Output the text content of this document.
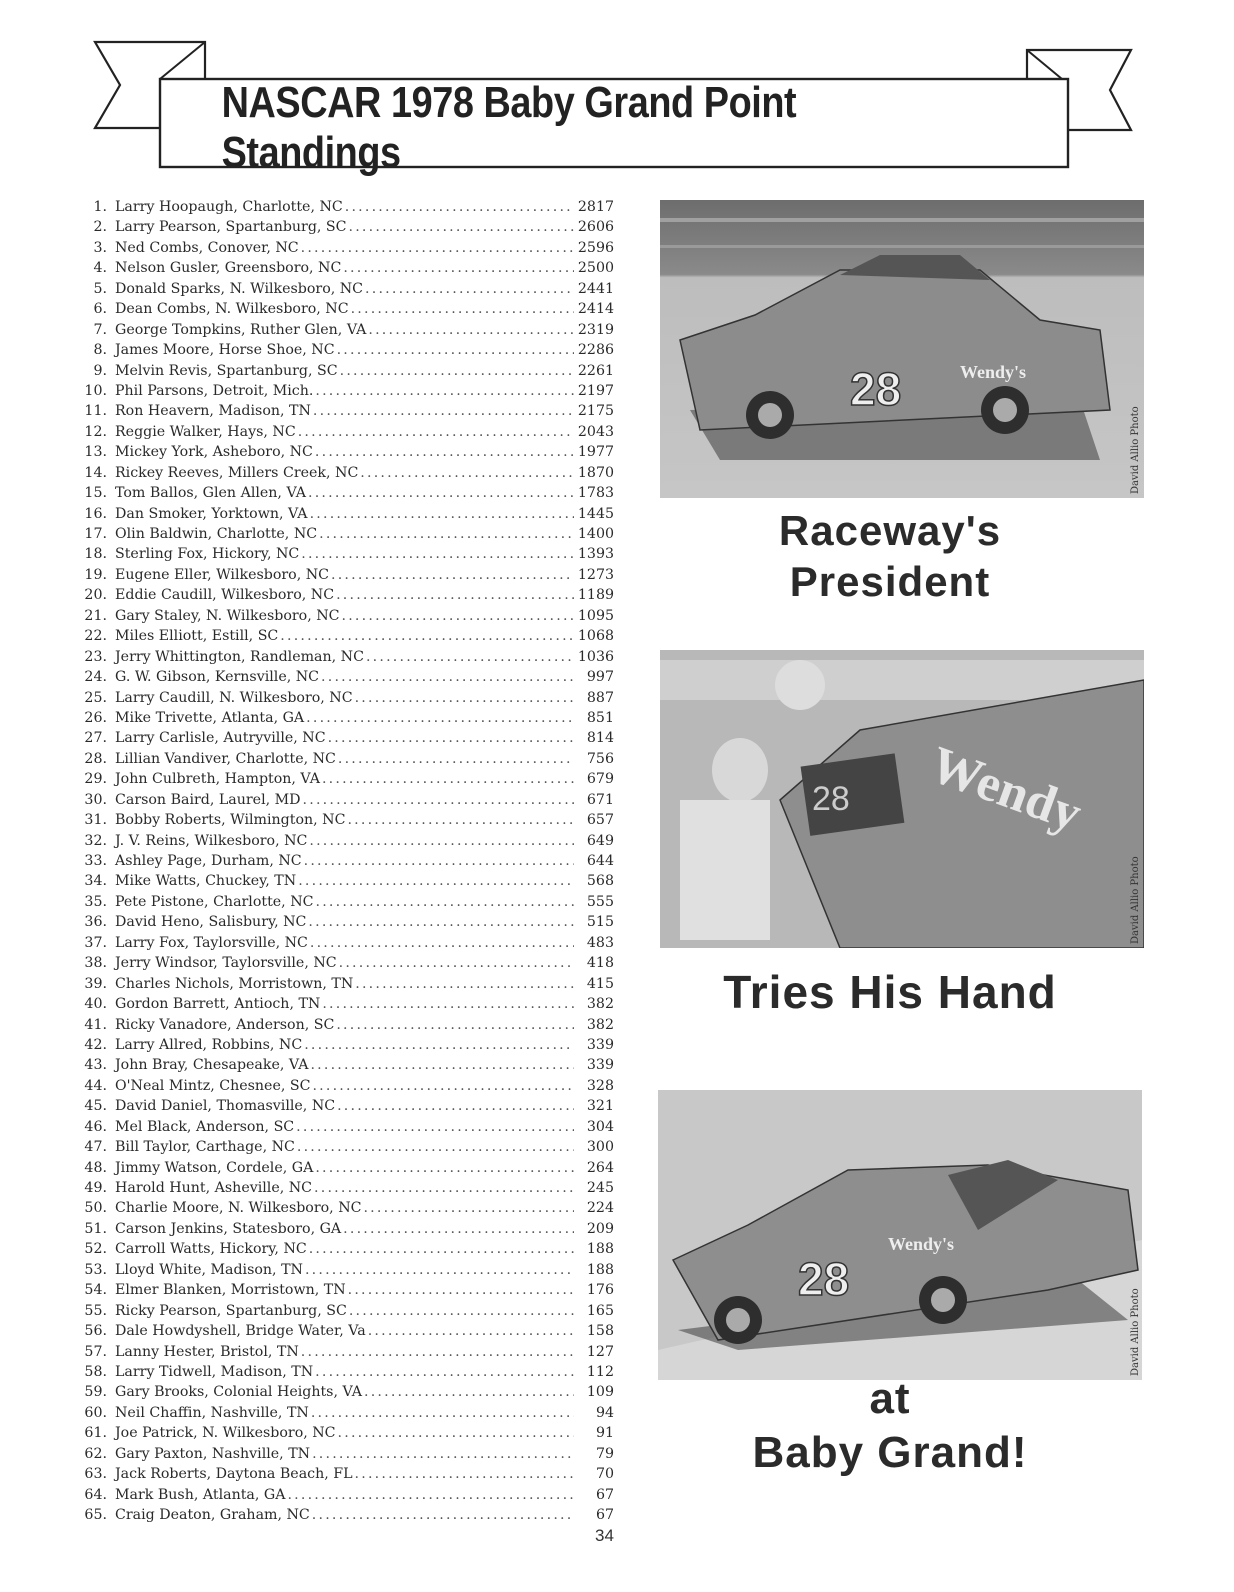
NASCAR 1978 Baby Grand Point Standings
1. Larry Hoopaugh, Charlotte, NC .....	2817
2. Larry Pearson, Spartanburg, SC .....	2606
3. Ned Combs, Conover, NC .....	2596
4. Nelson Gusler, Greensboro, NC .....	2500
5. Donald Sparks, N. Wilkesboro, NC .....	2441
6. Dean Combs, N. Wilkesboro, NC .....	2414
7. George Tompkins, Ruther Glen, VA .....	2319
8. James Moore, Horse Shoe, NC .....	2286
9. Melvin Revis, Spartanburg, SC .....	2261
10. Phil Parsons, Detroit, Mich. .....	2197
11. Ron Heavern, Madison, TN .....	2175
12. Reggie Walker, Hays, NC .....	2043
13. Mickey York, Asheboro, NC .....	1977
14. Rickey Reeves, Millers Creek, NC .....	1870
15. Tom Ballos, Glen Allen, VA .....	1783
16. Dan Smoker, Yorktown, VA .....	1445
17. Olin Baldwin, Charlotte, NC .....	1400
18. Sterling Fox, Hickory, NC .....	1393
19. Eugene Eller, Wilkesboro, NC .....	1273
20. Eddie Caudill, Wilkesboro, NC .....	1189
21. Gary Staley, N. Wilkesboro, NC .....	1095
22. Miles Elliott, Estill, SC .....	1068
23. Jerry Whittington, Randleman, NC .....	1036
24. G. W. Gibson, Kernsville, NC .....	997
25. Larry Caudill, N. Wilkesboro, NC .....	887
26. Mike Trivette, Atlanta, GA .....	851
27. Larry Carlisle, Autryville, NC .....	814
28. Lillian Vandiver, Charlotte, NC .....	756
29. John Culbreth, Hampton, VA .....	679
30. Carson Baird, Laurel, MD .....	671
31. Bobby Roberts, Wilmington, NC .....	657
32. J. V. Reins, Wilkesboro, NC .....	649
33. Ashley Page, Durham, NC .....	644
34. Mike Watts, Chuckey, TN .....	568
35. Pete Pistone, Charlotte, NC .....	555
36. David Heno, Salisbury, NC .....	515
37. Larry Fox, Taylorsville, NC .....	483
38. Jerry Windsor, Taylorsville, NC .....	418
39. Charles Nichols, Morristown, TN .....	415
40. Gordon Barrett, Antioch, TN .....	382
41. Ricky Vanadore, Anderson, SC .....	382
42. Larry Allred, Robbins, NC .....	339
43. John Bray, Chesapeake, VA .....	339
44. O'Neal Mintz, Chesnee, SC .....	328
45. David Daniel, Thomasville, NC .....	321
46. Mel Black, Anderson, SC .....	304
47. Bill Taylor, Carthage, NC .....	300
48. Jimmy Watson, Cordele, GA .....	264
49. Harold Hunt, Asheville, NC .....	245
50. Charlie Moore, N. Wilkesboro, NC .....	224
51. Carson Jenkins, Statesboro, GA .....	209
52. Carroll Watts, Hickory, NC .....	188
53. Lloyd White, Madison, TN .....	188
54. Elmer Blanken, Morristown, TN .....	176
55. Ricky Pearson, Spartanburg, SC .....	165
56. Dale Howdyshell, Bridge Water, Va .....	158
57. Lanny Hester, Bristol, TN .....	127
58. Larry Tidwell, Madison, TN .....	112
59. Gary Brooks, Colonial Heights, VA .....	109
60. Neil Chaffin, Nashville, TN .....	94
61. Joe Patrick, N. Wilkesboro, NC .....	91
62. Gary Paxton, Nashville, TN .....	79
63. Jack Roberts, Daytona Beach, FL .....	70
64. Mark Bush, Atlanta, GA .....	67
65. Craig Deaton, Graham, NC .....	67
34
28	Wendy's
David Allio Photo
Raceway's
President
28 Wendy
David Allio Photo
Tries His Hand
28
Wendy's
David Allio Photo
at
Baby Grand!
